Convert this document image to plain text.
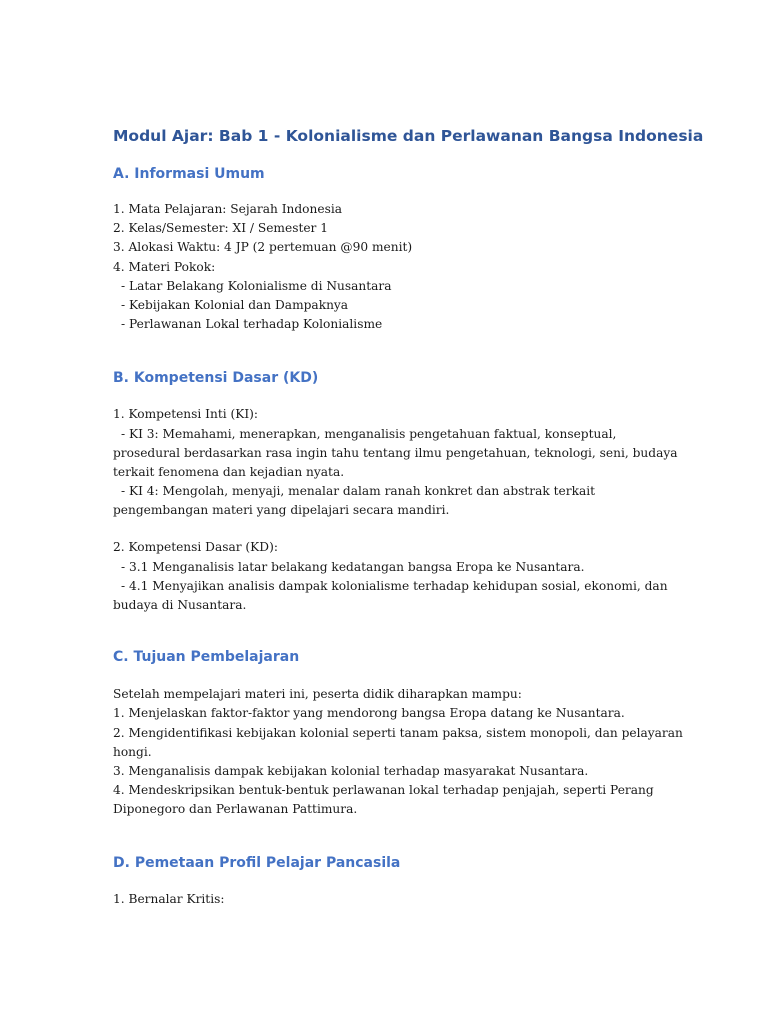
Modul Ajar: Bab 1 - Kolonialisme dan Perlawanan Bangsa Indonesia
A. Informasi Umum

1. Mata Pelajaran: Sejarah Indonesia

2. Kelas/Semester: XI / Semester 1

3. Alokasi Waktu: 4 JP (2 pertemuan @90 menit)

4. Materi Pokok:

- Latar Belakang Kolonialisme di Nusantara

- Kebijakan Kolonial dan Dampaknya

- Perlawanan Lokal terhadap Kolonialisme

B. Kompetensi Dasar (KD)

1. Kompetensi Inti (KI):

- KI 3: Memahami, menerapkan, menganalisis pengetahuan faktual, konseptual,

prosedural berdasarkan rasa ingin tahu tentang ilmu pengetahuan, teknologi, seni, budaya

terkait fenomena dan kejadian nyata.

- KI 4: Mengolah, menyaji, menalar dalam ranah konkret dan abstrak terkait

pengembangan materi yang dipelajari secara mandiri.

2. Kompetensi Dasar (KD):

- 3.1 Menganalisis latar belakang kedatangan bangsa Eropa ke Nusantara.

- 4.1 Menyajikan analisis dampak kolonialisme terhadap kehidupan sosial, ekonomi, dan

budaya di Nusantara.

C. Tujuan Pembelajaran

Setelah mempelajari materi ini, peserta didik diharapkan mampu:

1. Menjelaskan faktor-faktor yang mendorong bangsa Eropa datang ke Nusantara.

2. Mengidentifikasi kebijakan kolonial seperti tanam paksa, sistem monopoli, dan pelayaran

hongi.

3. Menganalisis dampak kebijakan kolonial terhadap masyarakat Nusantara.

4. Mendeskripsikan bentuk-bentuk perlawanan lokal terhadap penjajah, seperti Perang

Diponegoro dan Perlawanan Pattimura.

D. Pemetaan Profil Pelajar Pancasila

1. Bernalar Kritis:
